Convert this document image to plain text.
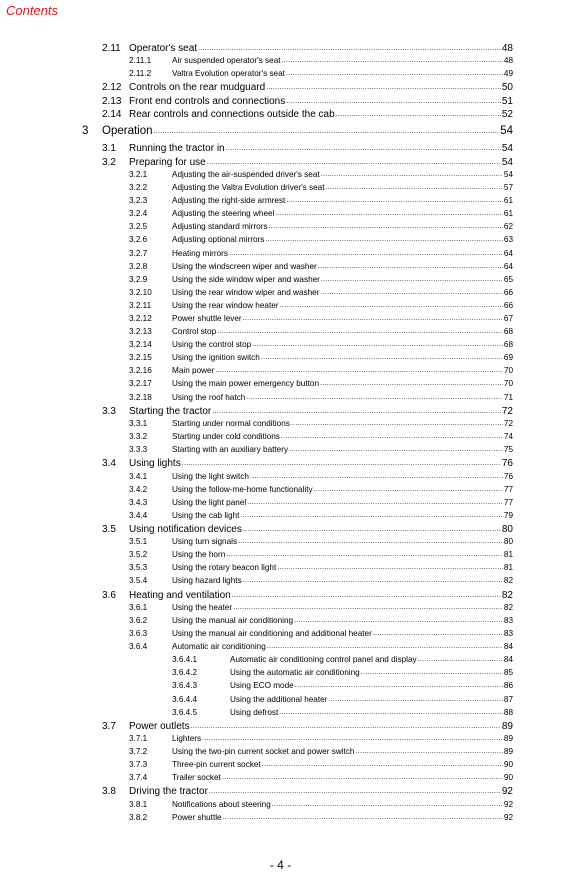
Contents
2.11 Operator's seat .....	48
2.11.1	Air suspended operator's seat .....	48
2.11.2	Valtra Evolution operator's seat .....	49
2.12 Controls on the rear mudguard .....	50
2.13 Front end controls and connections .....	51
2.14 Rear controls and connections outside the cab .....	52
3 Operation .....	54
3.1 Running the tractor in .....	54
3.2 Preparing for use .....	54
3.2.1	Adjusting the air-suspended driver's seat .....	54
3.2.2	Adjusting the Valtra Evolution driver's seat .....	57
3.2.3	Adjusting the right-side armrest .....	61
3.2.4	Adjusting the steering wheel .....	61
3.2.5	Adjusting standard mirrors .....	62
3.2.6	Adjusting optional mirrors .....	63
3.2.7	Heating mirrors .....	64
3.2.8	Using the windscreen wiper and washer .....	64
3.2.9	Using the side window wiper and washer .....	65
3.2.10 Using the rear window wiper and washer .....	66
3.2.11	Using the rear window heater .....	66
3.2.12 Power shuttle lever .....	67
3.2.13 Control stop .....	68
3.2.14 Using the control stop .....	68
3.2.15 Using the ignition switch .....	69
3.2.16 Main power .....	70
3.2.17 Using the main power emergency button .....	70
3.2.18 Using the roof hatch .....	71
3.3 Starting the tractor .....	72
3.3.1	Starting under normal conditions .....	72
3.3.2	Starting under cold conditions .....	74
3.3.3	Starting with an auxiliary battery .....	75
3.4 Using lights .....	76
3.4.1	Using the light switch .....	76
3.4.2	Using the follow-me-home functionality .....	77
3.4.3	Using the light panel .....	77
3.4.4	Using the cab light .....	79
3.5 Using notification devices .....	80
3.5.1	Using turn signals .....	80
3.5.2	Using the horn .....	81
3.5.3	Using the rotary beacon light .....	81
3.5.4	Using hazard lights .....	82
3.6 Heating and ventilation .....	82
3.6.1	Using the heater .....	82
3.6.2	Using the manual air conditioning .....	83
3.6.3	Using the manual air conditioning and additional heater .....	83
3.6.4	Automatic air conditioning .....	84
3.6.4.1	Automatic air conditioning control panel and display .....	84
3.6.4.2	Using the automatic air conditioning .....	85
3.6.4.3	Using ECO mode .....	86
3.6.4.4	Using the additional heater .....	87
3.6.4.5	Using defrost .....	88
3.7 Power outlets .....	89
3.7.1	Lighters .....	89
3.7.2	Using the two-pin current socket and power switch .....	89
3.7.3	Three-pin current socket .....	90
3.7.4	Trailer socket .....	90
3.8 Driving the tractor .....	92
3.8.1	Notifications about steering .....	92
3.8.2	Power shuttle .....	92
- 4 -
